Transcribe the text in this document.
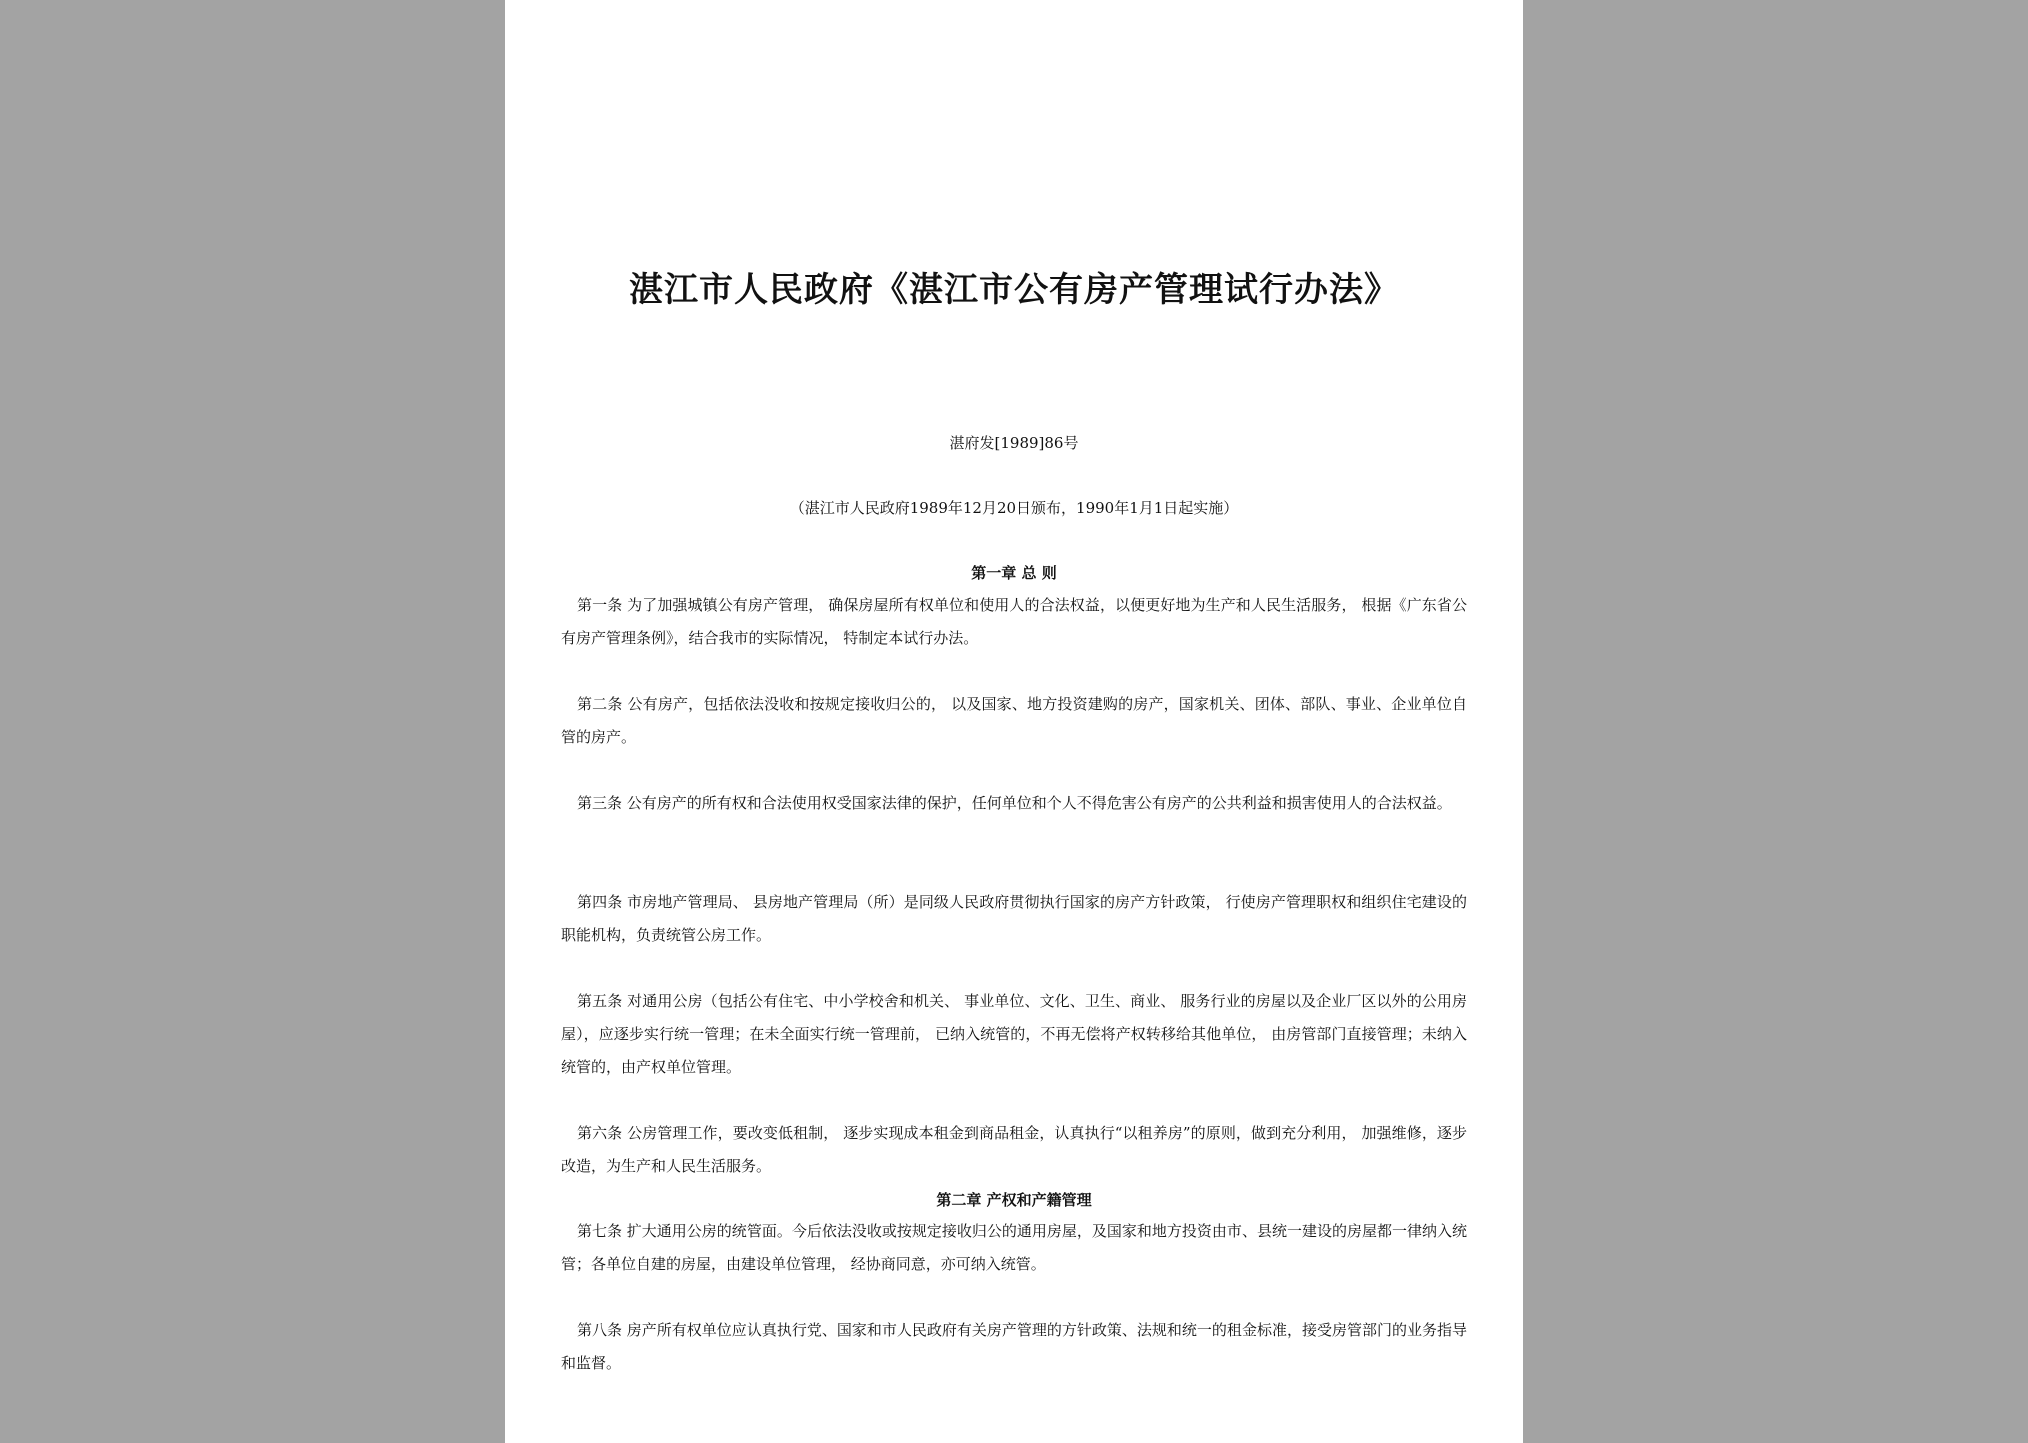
湛江市人民政府《湛江市公有房产管理试行办法》
湛府发[1989]86号
（湛江市人民政府1989年12月20日颁布，1990年1月1日起实施）
第一章 总 则
第一条 为了加强城镇公有房产管理， 确保房屋所有权单位和使用人的合法权益，以便更好地为生产和人民生活服务， 根据《广东省公有房产管理条例》，结合我市的实际情况， 特制定本试行办法。
第二条 公有房产，包括依法没收和按规定接收归公的， 以及国家、地方投资建购的房产，国家机关、团体、部队、事业、企业单位自管的房产。
第三条 公有房产的所有权和合法使用权受国家法律的保护，任何单位和个人不得危害公有房产的公共利益和损害使用人的合法权益。
第四条 市房地产管理局、 县房地产管理局（所）是同级人民政府贯彻执行国家的房产方针政策， 行使房产管理职权和组织住宅建设的职能机构，负责统管公房工作。
第五条 对通用公房（包括公有住宅、中小学校舍和机关、 事业单位、文化、卫生、商业、 服务行业的房屋以及企业厂区以外的公用房屋），应逐步实行统一管理；在未全面实行统一管理前， 已纳入统管的，不再无偿将产权转移给其他单位， 由房管部门直接管理；未纳入统管的，由产权单位管理。
第六条 公房管理工作，要改变低租制， 逐步实现成本租金到商品租金，认真执行“以租养房”的原则，做到充分利用， 加强维修，逐步改造，为生产和人民生活服务。
第二章 产权和产籍管理
第七条 扩大通用公房的统管面。今后依法没收或按规定接收归公的通用房屋，及国家和地方投资由市、县统一建设的房屋都一律纳入统管；各单位自建的房屋，由建设单位管理， 经协商同意，亦可纳入统管。
第八条 房产所有权单位应认真执行党、国家和市人民政府有关房产管理的方针政策、法规和统一的租金标准，接受房管部门的业务指导和监督。
